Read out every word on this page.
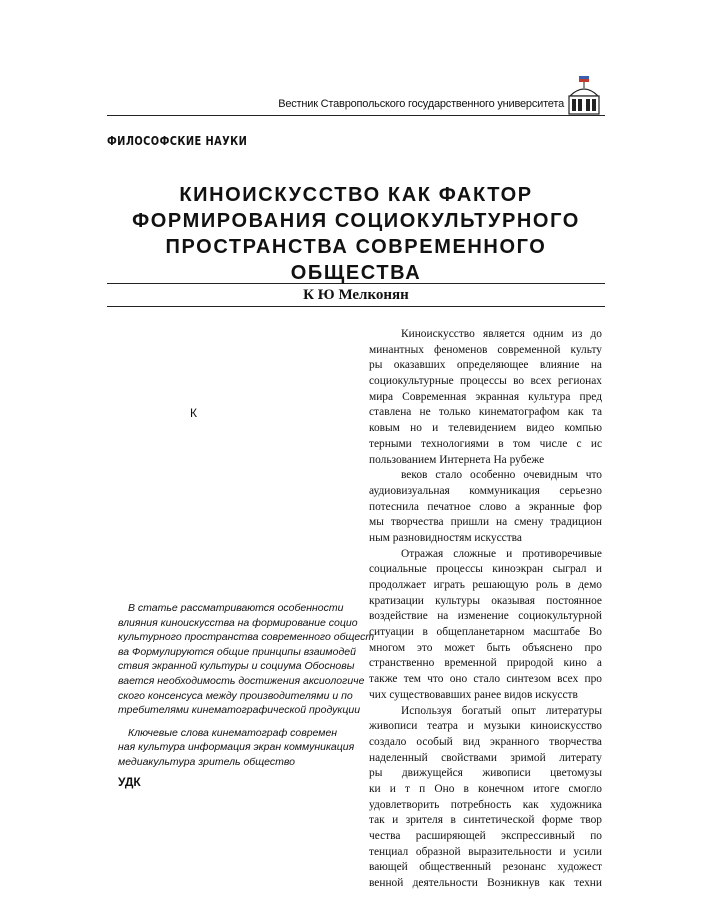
Вестник Ставропольского государственного университета
ФИЛОСОФСКИЕ НАУКИ
КИНОИСКУССТВО КАК ФАКТОР
ФОРМИРОВАНИЯ СОЦИОКУЛЬТУРНОГО
ПРОСТРАНСТВА СОВРЕМЕННОГО ОБЩЕСТВА

К Ю Мелконян

К
В статье рассматриваются особенности
влияния киноискусства на формирование социо
культурного пространства современного общест
ва Формулируются общие принципы взаимодей
ствия экранной культуры и социума Обосновы
вается необходимость достижения аксиологиче
ского консенсуса между производителями и по
требителями кинематографической продукции
Ключевые слова кинематограф современ
ная культура информация экран коммуникация
медиакультура зритель общество
УДК
Киноискусство является одним из до
минантных феноменов современной культу
ры оказавших определяющее влияние на
социокультурные процессы во всех регионах
мира Современная экранная культура пред
ставлена не только кинематографом как та
ковым но и телевидением видео компью
терными технологиями в том числе с ис
пользованием Интернета На рубеже
веков стало особенно очевидным что
аудиовизуальная коммуникация серьезно
потеснила печатное слово а экранные фор
мы творчества пришли на смену традицион
ным разновидностям искусства
Отражая сложные и противоречивые
социальные процессы киноэкран сыграл и
продолжает играть решающую роль в демо
кратизации культуры оказывая постоянное
воздействие на изменение социокультурной
ситуации в общепланетарном масштабе Во
многом это может быть объяснено про
странственно временной природой кино а
также тем что оно стало синтезом всех про
чих существовавших ранее видов искусств
Используя богатый опыт литературы
живописи театра и музыки киноискусство
создало особый вид экранного творчества
наделенный свойствами зримой литерату
ры движущейся живописи цветомузы
ки и т п Оно в конечном итоге смогло
удовлетворить потребность как художника
так и зрителя в синтетической форме твор
чества расширяющей экспрессивный по
тенциал образной выразительности и усили
вающей общественный резонанс художест
венной деятельности Возникнув как техни
